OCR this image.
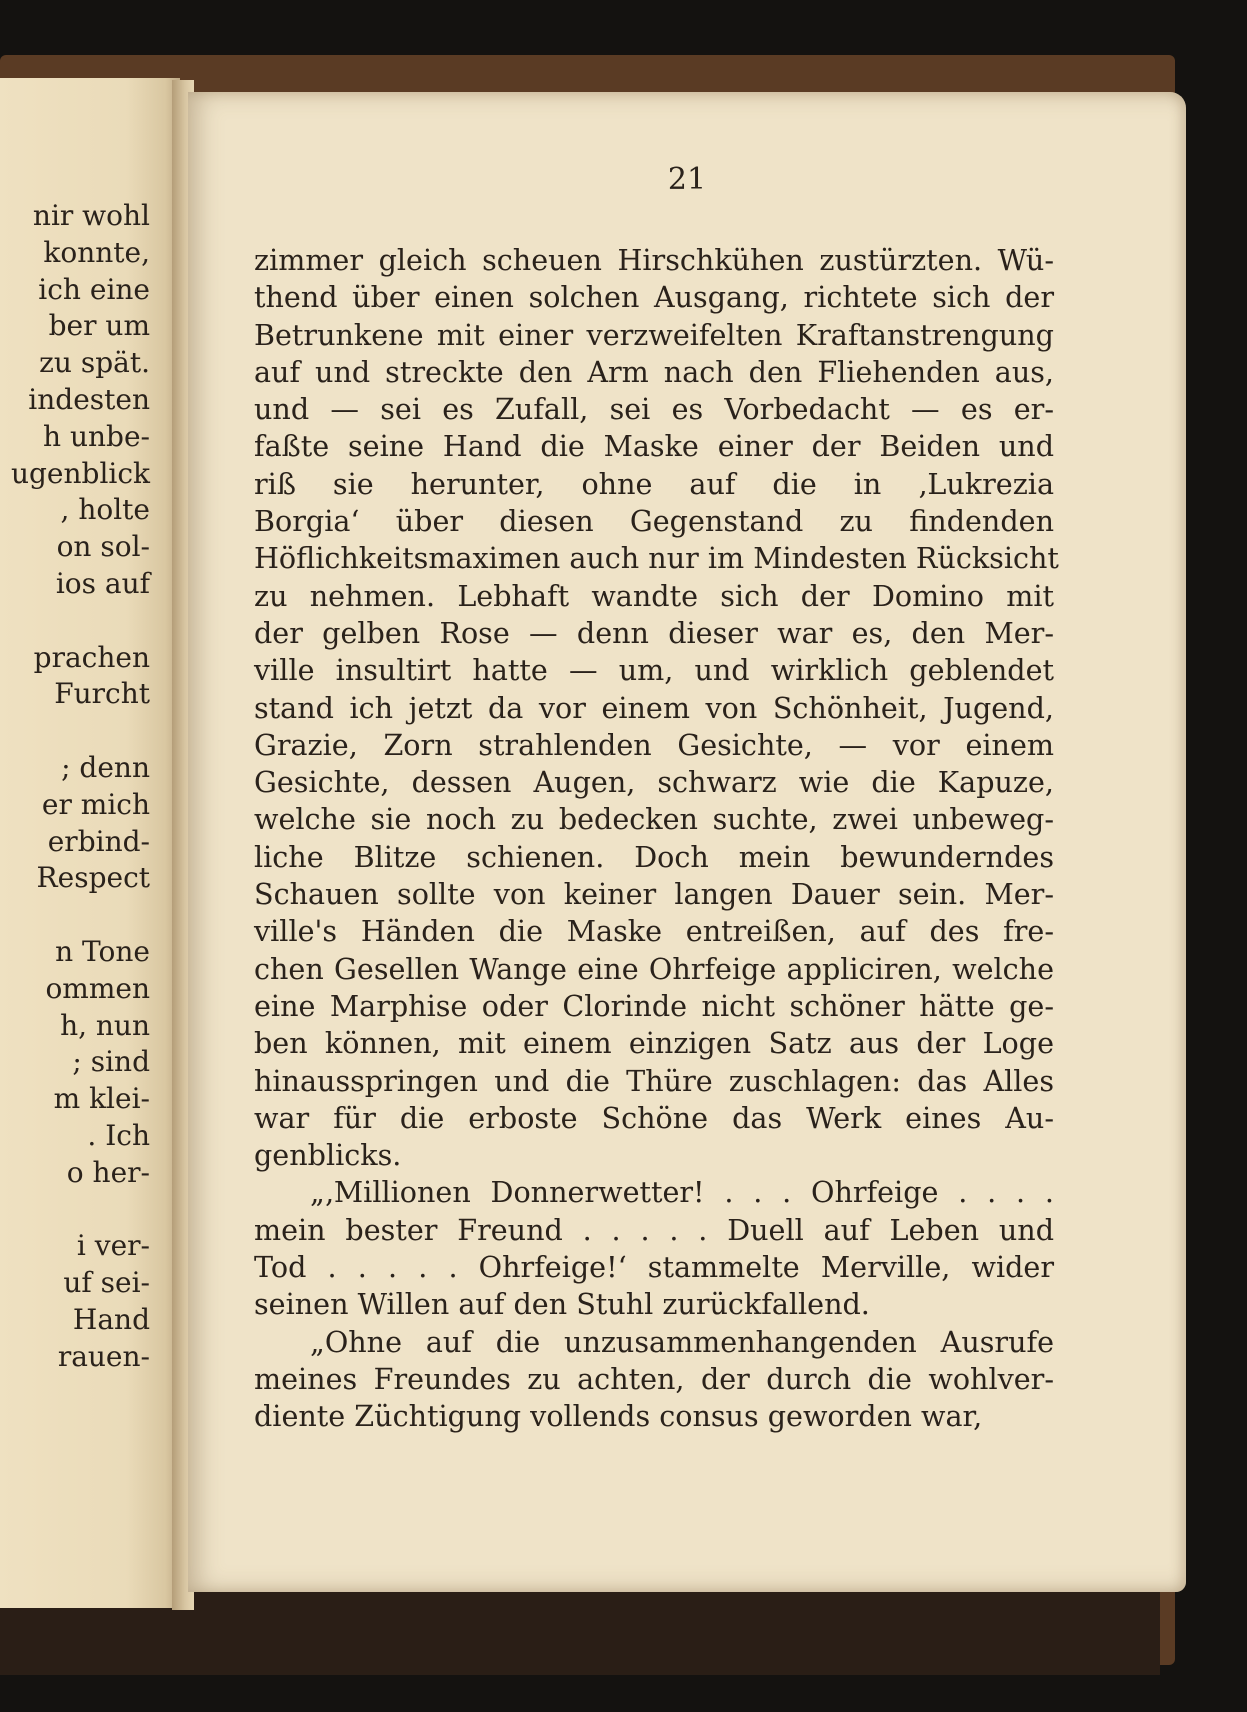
nir wohl
konnte,
ich eine
ber um
zu spät.
indesten
h unbe-
ugenblick
, holte
on sol-
ios auf
prachen
Furcht
; denn
er mich
erbind-
Respect
n Tone
ommen
h, nun
; sind
m klei-
. Ich
o her-
i ver-
uf sei-
Hand
rauen-
21
zimmer gleich scheuen Hirschkühen zustürzten. Wü-
thend über einen solchen Ausgang, richtete sich der
Betrunkene mit einer verzweifelten Kraftanstrengung
auf und streckte den Arm nach den Fliehenden aus,
und — sei es Zufall, sei es Vorbedacht — es er-
faßte seine Hand die Maske einer der Beiden und
riß sie herunter, ohne auf die in ‚Lukrezia
Borgia‘ über diesen Gegenstand zu findenden
Höflichkeitsmaximen auch nur im Mindesten Rücksicht
zu nehmen. Lebhaft wandte sich der Domino mit
der gelben Rose — denn dieser war es, den Mer-
ville insultirt hatte — um, und wirklich geblendet
stand ich jetzt da vor einem von Schönheit, Jugend,
Grazie, Zorn strahlenden Gesichte, — vor einem
Gesichte, dessen Augen, schwarz wie die Kapuze,
welche sie noch zu bedecken suchte, zwei unbeweg-
liche Blitze schienen. Doch mein bewunderndes
Schauen sollte von keiner langen Dauer sein. Mer-
ville's Händen die Maske entreißen, auf des fre-
chen Gesellen Wange eine Ohrfeige appliciren, welche
eine Marphise oder Clorinde nicht schöner hätte ge-
ben können, mit einem einzigen Satz aus der Loge
hinausspringen und die Thüre zuschlagen: das Alles
war für die erboste Schöne das Werk eines Au-
genblicks.
„‚Millionen Donnerwetter! . . . Ohrfeige . . . .
mein bester Freund . . . . . Duell auf Leben und
Tod . . . . . Ohrfeige!‘ stammelte Merville, wider
seinen Willen auf den Stuhl zurückfallend.
„Ohne auf die unzusammenhangenden Ausrufe
meines Freundes zu achten, der durch die wohlver-
diente Züchtigung vollends consus geworden war,
